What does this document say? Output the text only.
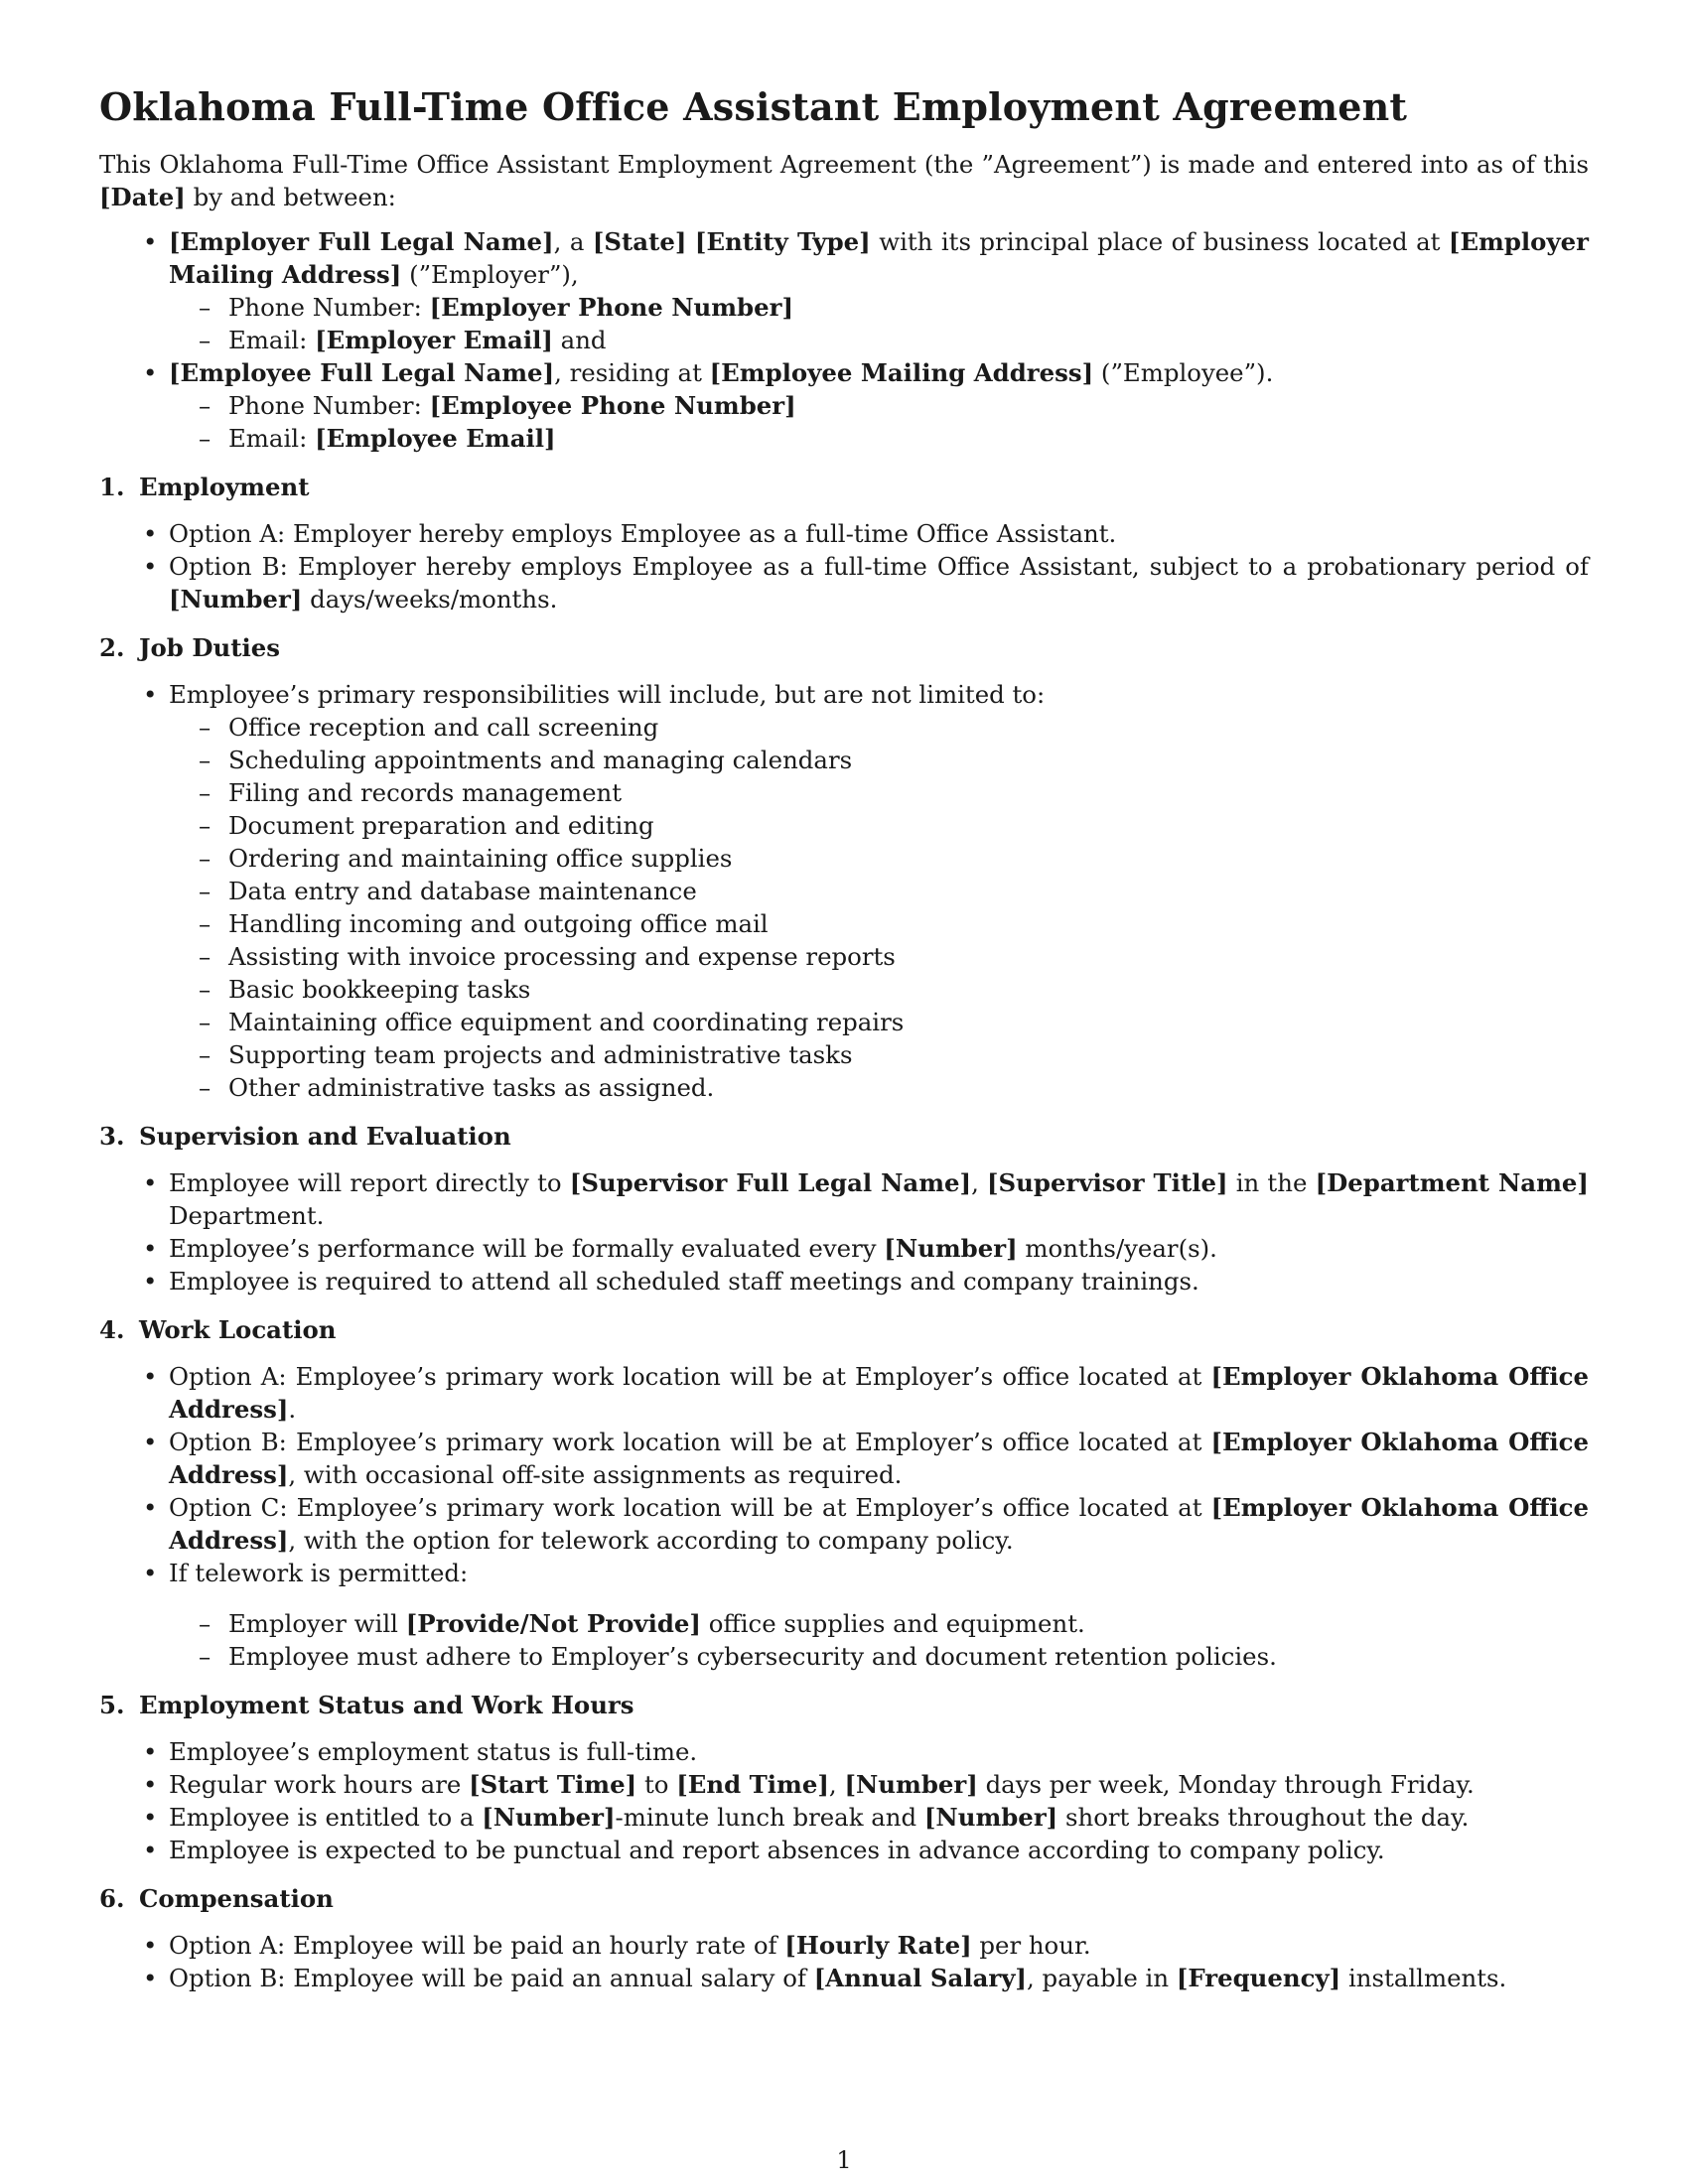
Oklahoma Full-Time Office Assistant Employment Agreement

This Oklahoma Full-Time Office Assistant Employment Agreement (the ”Agreement”) is made and entered into as of this [Date] by and between:

• [Employer Full Legal Name], a [State] [Entity Type] with its principal place of business located at [Employer Mailing Address] (”Employer”),
– Phone Number: [Employer Phone Number]
– Email: [Employer Email] and
• [Employee Full Legal Name], residing at [Employee Mailing Address] (”Employee”).
– Phone Number: [Employee Phone Number]
– Email: [Employee Email]
1. Employment
• Option A: Employer hereby employs Employee as a full-time Office Assistant.
• Option B: Employer hereby employs Employee as a full-time Office Assistant, subject to a probationary period of [Number] days/weeks/months.
2. Job Duties
• Employee’s primary responsibilities will include, but are not limited to:
– Office reception and call screening
– Scheduling appointments and managing calendars
– Filing and records management
– Document preparation and editing
– Ordering and maintaining office supplies
– Data entry and database maintenance
– Handling incoming and outgoing office mail
– Assisting with invoice processing and expense reports
– Basic bookkeeping tasks
– Maintaining office equipment and coordinating repairs
– Supporting team projects and administrative tasks
– Other administrative tasks as assigned.
3. Supervision and Evaluation
• Employee will report directly to [Supervisor Full Legal Name], [Supervisor Title] in the [Department Name] Department.
• Employee’s performance will be formally evaluated every [Number] months/year(s).
• Employee is required to attend all scheduled staff meetings and company trainings.
4. Work Location
• Option A: Employee’s primary work location will be at Employer’s office located at [Employer Oklahoma Office Address].
• Option B: Employee’s primary work location will be at Employer’s office located at [Employer Oklahoma Office Address], with occasional off-site assignments as required.
• Option C: Employee’s primary work location will be at Employer’s office located at [Employer Oklahoma Office Address], with the option for telework according to company policy.
• If telework is permitted:
– Employer will [Provide/Not Provide] office supplies and equipment.
– Employee must adhere to Employer’s cybersecurity and document retention policies.
5. Employment Status and Work Hours
• Employee’s employment status is full-time.
• Regular work hours are [Start Time] to [End Time], [Number] days per week, Monday through Friday.
• Employee is entitled to a [Number]-minute lunch break and [Number] short breaks throughout the day.
• Employee is expected to be punctual and report absences in advance according to company policy.
6. Compensation
• Option A: Employee will be paid an hourly rate of [Hourly Rate] per hour.
• Option B: Employee will be paid an annual salary of [Annual Salary], payable in [Frequency] installments.
1
